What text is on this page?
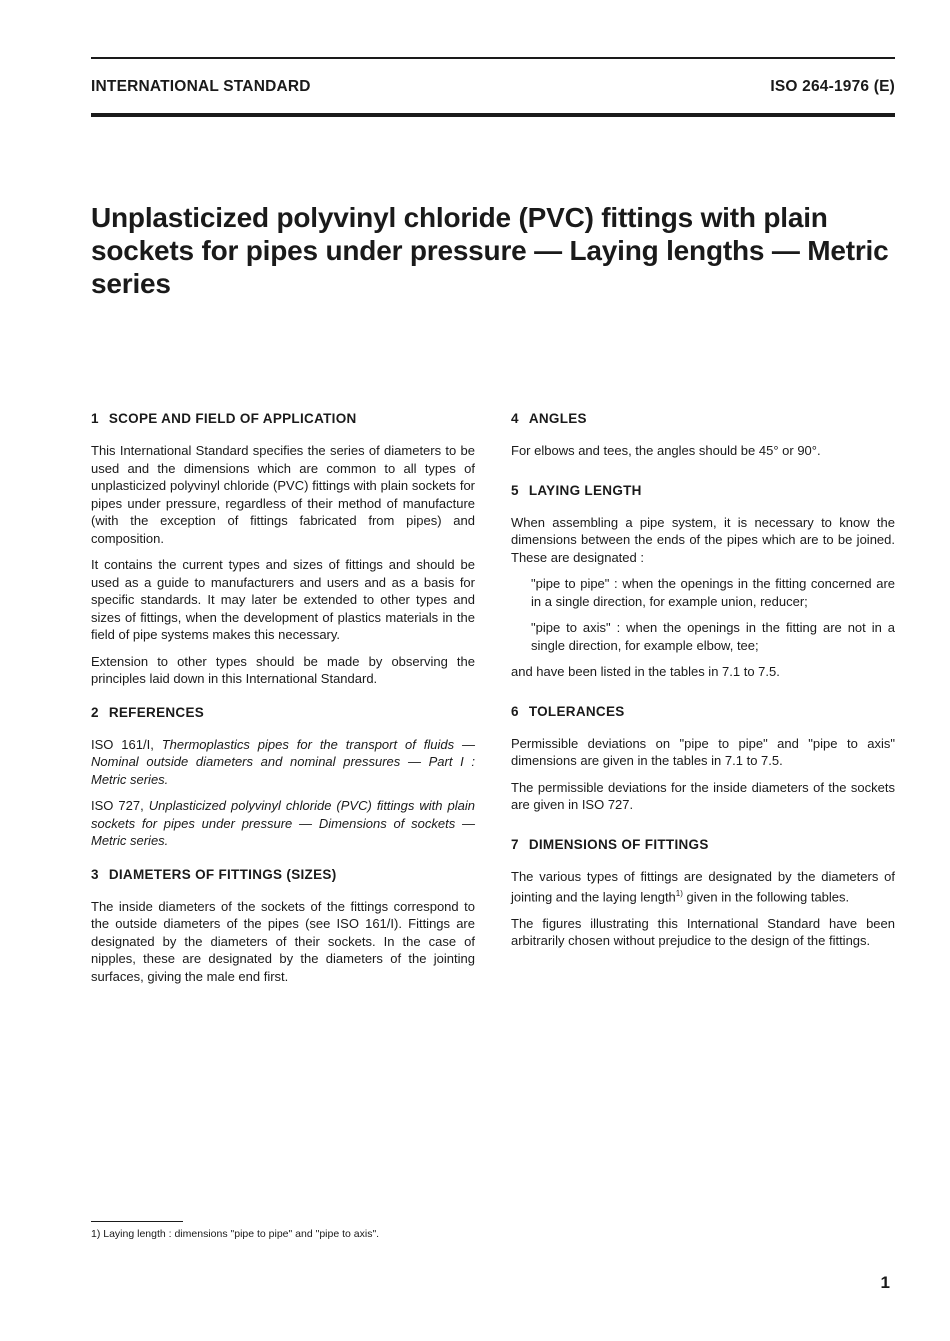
INTERNATIONAL STANDARD	ISO 264-1976 (E)
Unplasticized polyvinyl chloride (PVC) fittings with plain sockets for pipes under pressure — Laying lengths — Metric series
1 SCOPE AND FIELD OF APPLICATION

This International Standard specifies the series of diameters to be used and the dimensions which are common to all types of unplasticized polyvinyl chloride (PVC) fittings with plain sockets for pipes under pressure, regardless of their method of manufacture (with the exception of fittings fabricated from pipes) and composition.

It contains the current types and sizes of fittings and should be used as a guide to manufacturers and users and as a basis for specific standards. It may later be extended to other types and sizes of fittings, when the development of plastics materials in the field of pipe systems makes this necessary.

Extension to other types should be made by observing the principles laid down in this International Standard.

2 REFERENCES

ISO 161/I, Thermoplastics pipes for the transport of fluids — Nominal outside diameters and nominal pressures — Part I : Metric series.

ISO 727, Unplasticized polyvinyl chloride (PVC) fittings with plain sockets for pipes under pressure — Dimensions of sockets — Metric series.

3 DIAMETERS OF FITTINGS (SIZES)

The inside diameters of the sockets of the fittings correspond to the outside diameters of the pipes (see ISO 161/I). Fittings are designated by the diameters of their sockets. In the case of nipples, these are designated by the diameters of the jointing surfaces, giving the male end first.

4 ANGLES

For elbows and tees, the angles should be 45° or 90°.

5 LAYING LENGTH

When assembling a pipe system, it is necessary to know the dimensions between the ends of the pipes which are to be joined. These are designated :

"pipe to pipe" : when the openings in the fitting concerned are in a single direction, for example union, reducer;

"pipe to axis" : when the openings in the fitting are not in a single direction, for example elbow, tee;

and have been listed in the tables in 7.1 to 7.5.

6 TOLERANCES

Permissible deviations on "pipe to pipe" and "pipe to axis" dimensions are given in the tables in 7.1 to 7.5.

The permissible deviations for the inside diameters of the sockets are given in ISO 727.

7 DIMENSIONS OF FITTINGS

The various types of fittings are designated by the diameters of jointing and the laying length$^{1)}$ given in the following tables.

The figures illustrating this International Standard have been arbitrarily chosen without prejudice to the design of the fittings.

1) Laying length : dimensions "pipe to pipe" and "pipe to axis".
1
